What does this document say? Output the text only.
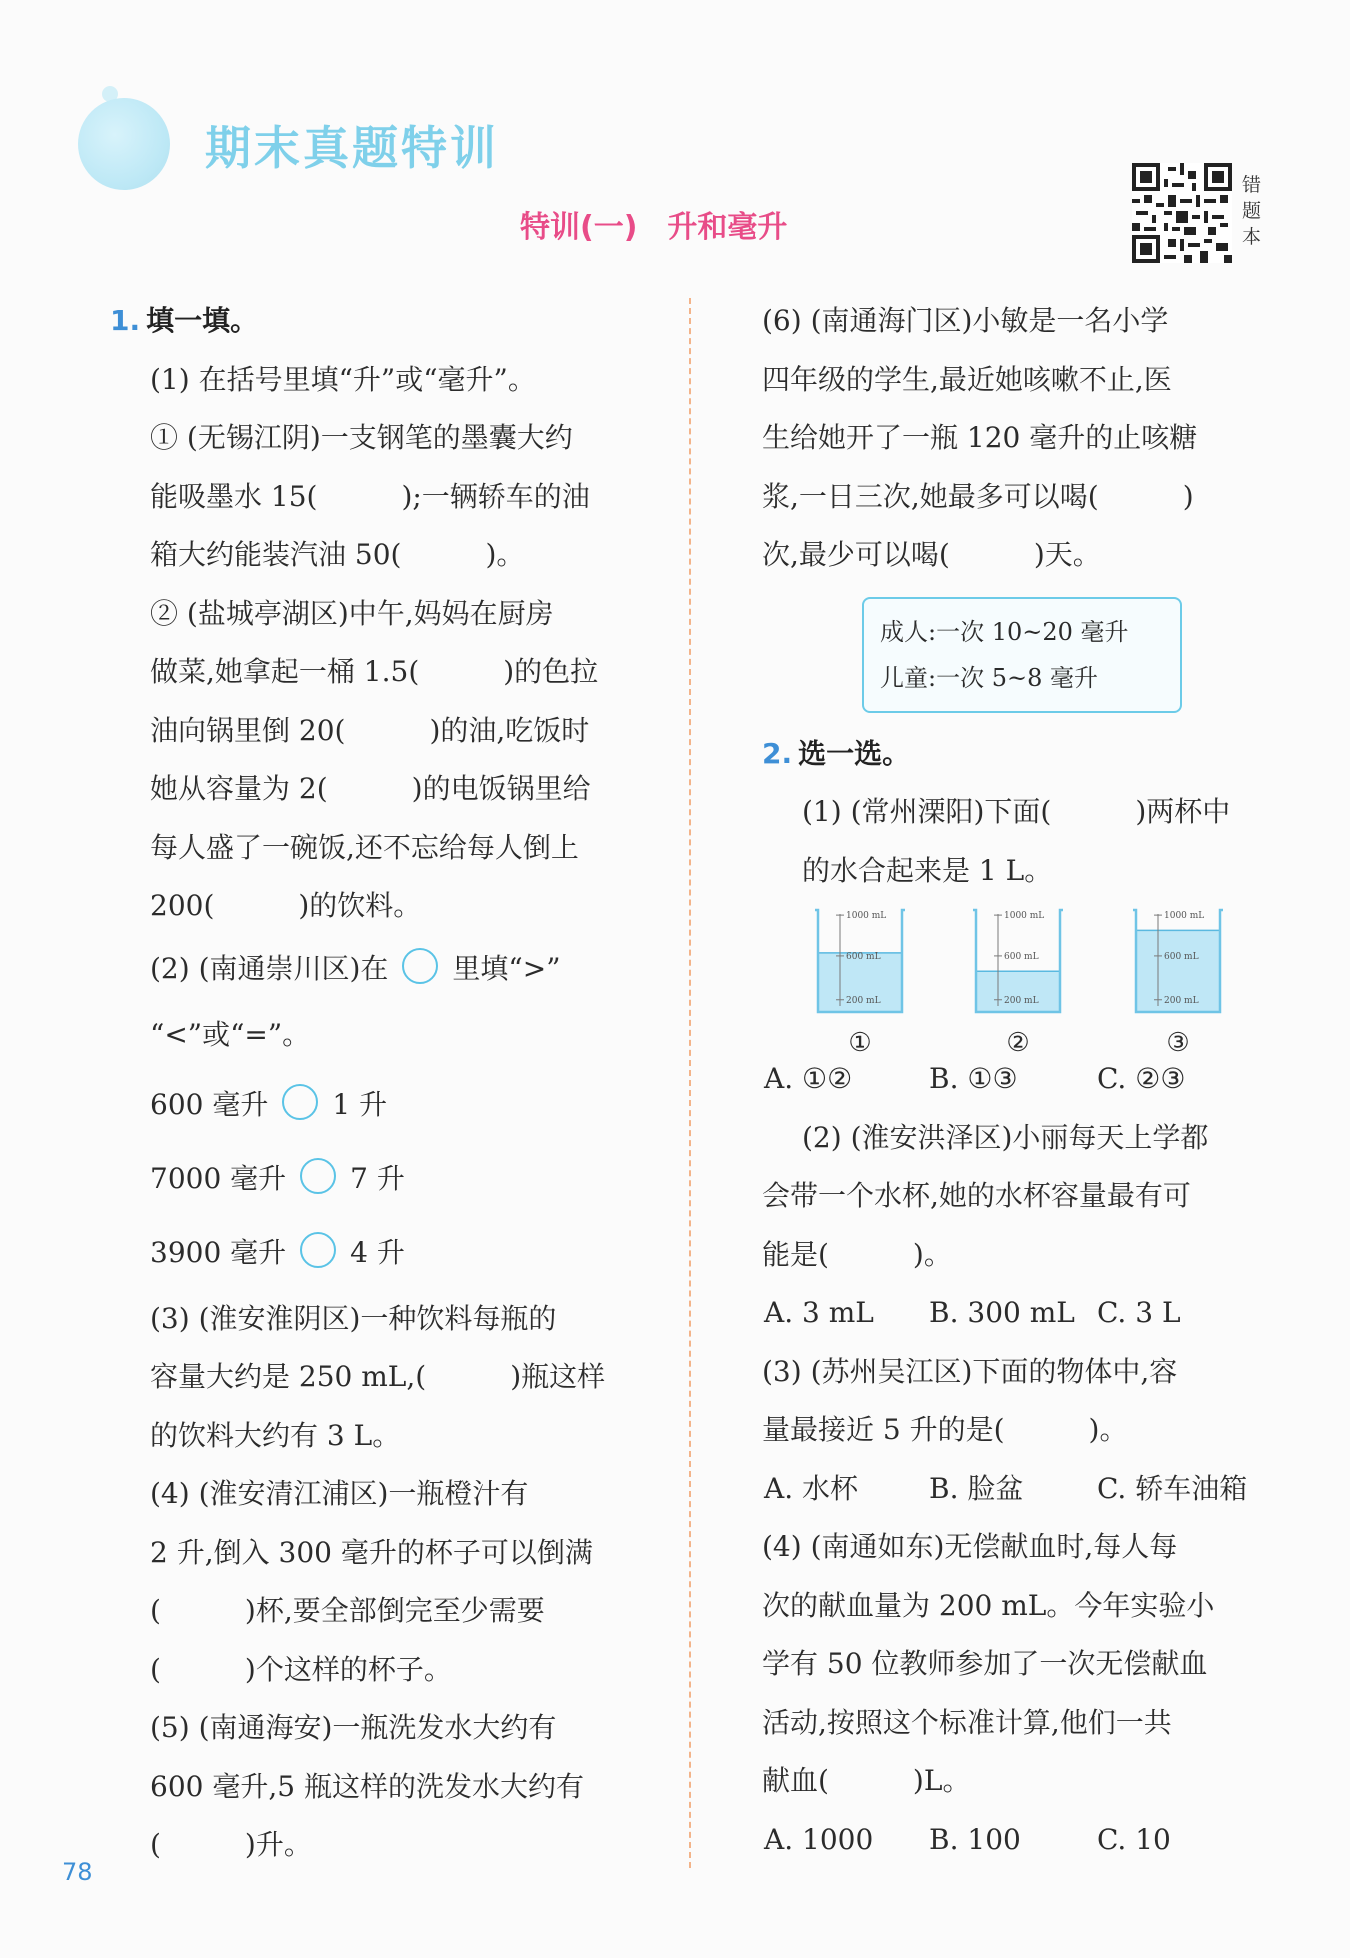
期末真题特训
特训(一)　升和毫升
错
题
本
1. 填一填。
(1) 在括号里填“升”或“毫升”。
① (无锡江阴)一支钢笔的墨囊大约
能吸墨水 15(　　　);一辆轿车的油
箱大约能装汽油 50(　　　)。
② (盐城亭湖区)中午,妈妈在厨房
做菜,她拿起一桶 1.5(　　　)的色拉
油向锅里倒 20(　　　)的油,吃饭时
她从容量为 2(　　　)的电饭锅里给
每人盛了一碗饭,还不忘给每人倒上
200(　　　)的饮料。
(2) (南通崇川区)在 里填“>”
“<”或“=”。
600 毫升 1 升
7000 毫升 7 升
3900 毫升 4 升
(3) (淮安淮阴区)一种饮料每瓶的
容量大约是 250 mL,(　　　)瓶这样
的饮料大约有 3 L。
(4) (淮安清江浦区)一瓶橙汁有
2 升,倒入 300 毫升的杯子可以倒满
(　　　)杯,要全部倒完至少需要
(　　　)个这样的杯子。
(5) (南通海安)一瓶洗发水大约有
600 毫升,5 瓶这样的洗发水大约有
(　　　)升。
(6) (南通海门区)小敏是一名小学
四年级的学生,最近她咳嗽不止,医
生给她开了一瓶 120 毫升的止咳糖
浆,一日三次,她最多可以喝(　　　)
次,最少可以喝(　　　)天。
成人:一次 10~20 毫升
儿童:一次 5~8 毫升
2. 选一选。
(1) (常州溧阳)下面(　　　)两杯中
的水合起来是 1 L。
1000 mL
600 mL
200 mL
①
1000 mL
600 mL
200 mL
②
1000 mL
600 mL
200 mL
③
A. ①②	B. ①③	C. ②③
(2) (淮安洪泽区)小丽每天上学都
会带一个水杯,她的水杯容量最有可
能是(　　　)。
A. 3 mL B. 300 mL C. 3 L
(3) (苏州吴江区)下面的物体中,容
量最接近 5 升的是(　　　)。
A. 水杯	B. 脸盆	C. 轿车油箱
(4) (南通如东)无偿献血时,每人每
次的献血量为 200 mL。今年实验小
学有 50 位教师参加了一次无偿献血
活动,按照这个标准计算,他们一共
献血(　　　)L。
A. 1000 B. 100	C. 10
78
